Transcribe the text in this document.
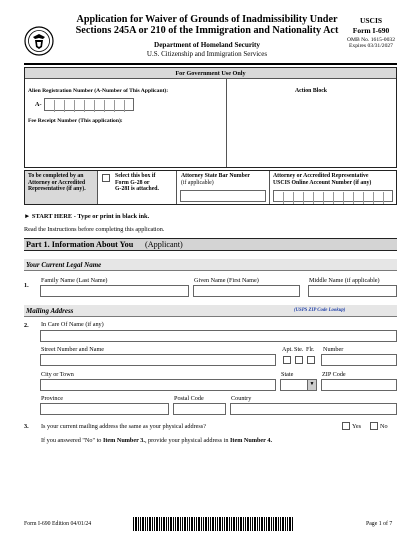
Application for Waiver of Grounds of Inadmissibility Under
Sections 245A or 210 of the Immigration and Nationality Act
Department of Homeland Security
U.S. Citizenship and Immigration Services
USCIS
Form I-690
OMB No. 1615-0032
Expires 03/31/2027
For Government Use Only
Alien Registration Number (A-Number of This Applicant):
A-
Action Block
Fee Receipt Number (This application):
To be completed by an Attorney or Accredited Representative (if any).
Select this box if
Form G-28 or
G-28I is attached.
Attorney State Bar Number
(if applicable)
Attorney or Accredited Representative
USCIS Online Account Number (if any)
► START HERE - Type or print in black ink.
Read the Instructions before completing this application.
Part 1. Information About You (Applicant)
Your Current Legal Name
1.
Family Name (Last Name)	Given Name (First Name)	Middle Name (if applicable)
Mailing Address	(USPS ZIP Code Lookup)
2. In Care Of Name (if any)
Street Number and Name	Apt. Ste. Flr. Number
City or Town	State
▼
ZIP Code
Province	Postal Code	Country
3. Is your current mailing address the same as your physical address?	Yes	No
If you answered "No" to Item Number 3., provide your physical address in Item Number 4.
Form I-690 Edition 04/01/24	Page 1 of 7
